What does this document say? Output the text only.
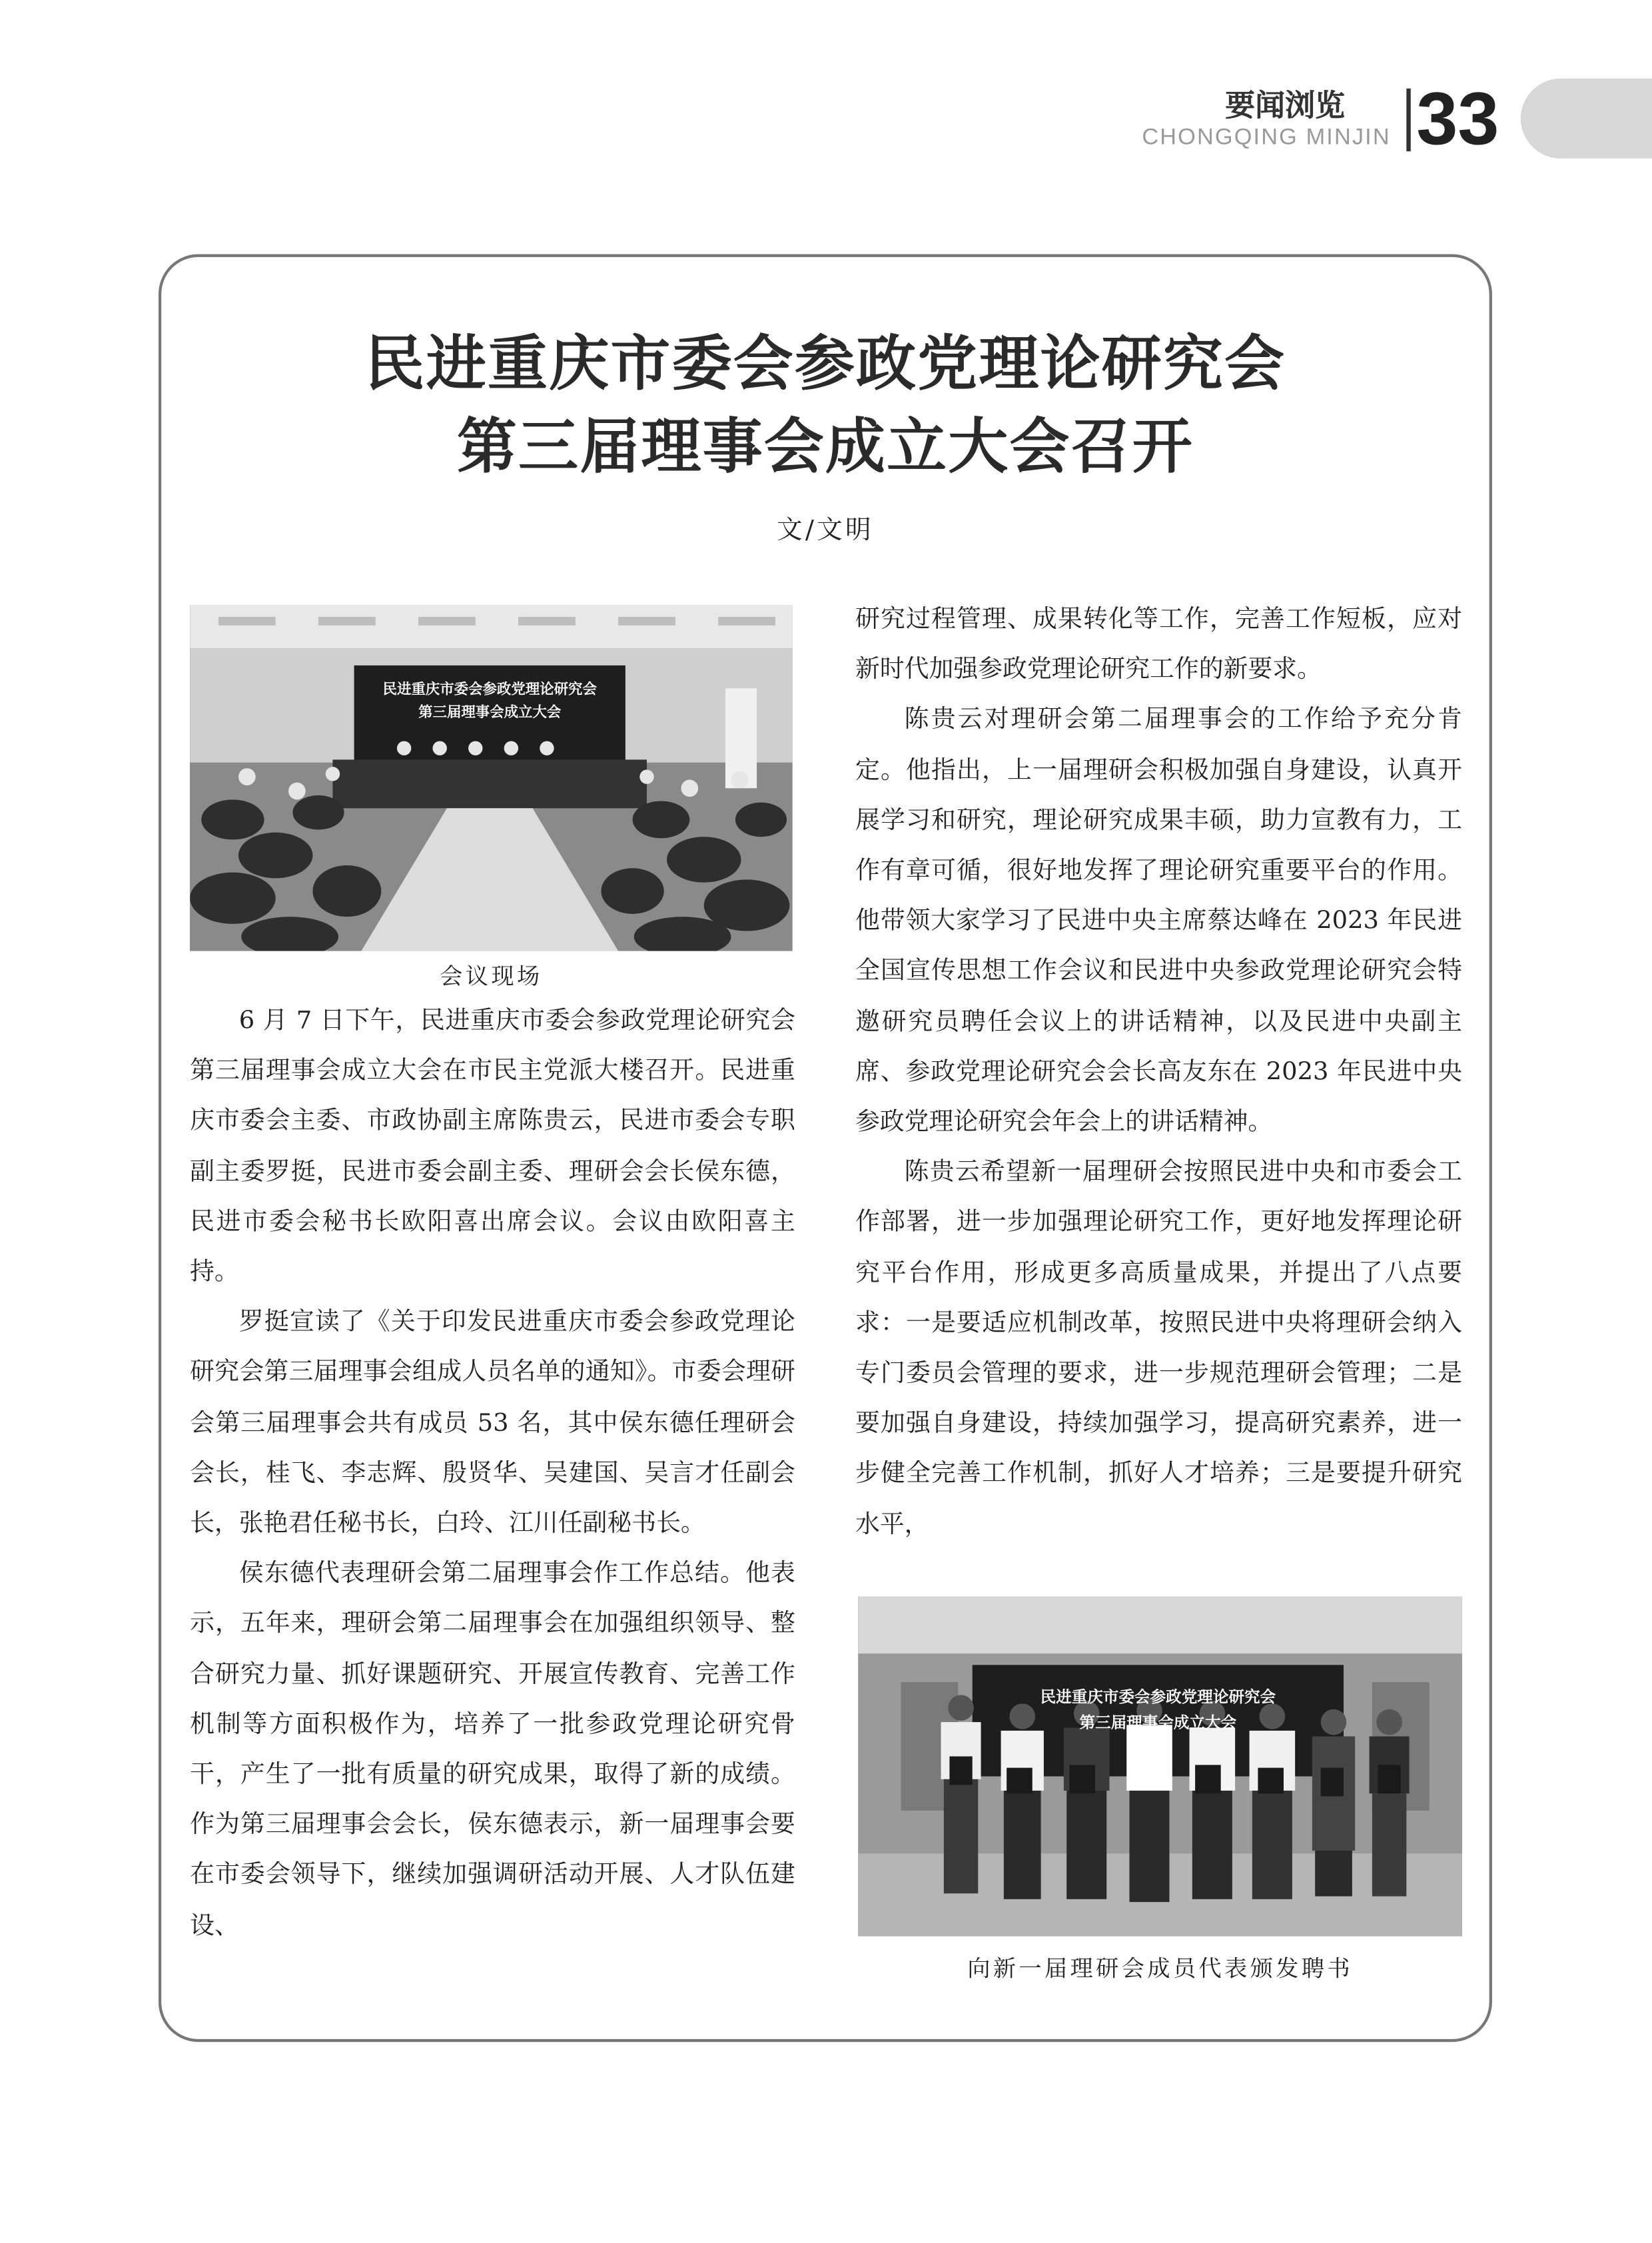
要闻浏览
CHONGQING MINJIN 33
民进重庆市委会参政党理论研究会
第三届理事会成立大会召开
文/文明
民进重庆市委会参政党理论研究会
第三届理事会成立大会
会议现场

6 月 7 日下午，民进重庆市委会参政党理论研究会第三届理事会成立大会在市民主党派大楼召开。民进重庆市委会主委、市政协副主席陈贵云，民进市委会专职副主委罗挺，民进市委会副主委、理研会会长侯东德，民进市委会秘书长欧阳喜出席会议。会议由欧阳喜主持。

罗挺宣读了《关于印发民进重庆市委会参政党理论研究会第三届理事会组成人员名单的通知》。市委会理研会第三届理事会共有成员 53 名，其中侯东德任理研会会长，桂飞、李志辉、殷贤华、吴建国、吴言才任副会长，张艳君任秘书长，白玲、江川任副秘书长。

侯东德代表理研会第二届理事会作工作总结。他表示，五年来，理研会第二届理事会在加强组织领导、整合研究力量、抓好课题研究、开展宣传教育、完善工作机制等方面积极作为，培养了一批参政党理论研究骨干，产生了一批有质量的研究成果，取得了新的成绩。作为第三届理事会会长，侯东德表示，新一届理事会要在市委会领导下，继续加强调研活动开展、人才队伍建设、

研究过程管理、成果转化等工作，完善工作短板，应对新时代加强参政党理论研究工作的新要求。

陈贵云对理研会第二届理事会的工作给予充分肯定。他指出，上一届理研会积极加强自身建设，认真开展学习和研究，理论研究成果丰硕，助力宣教有力，工作有章可循，很好地发挥了理论研究重要平台的作用。他带领大家学习了民进中央主席蔡达峰在 2023 年民进全国宣传思想工作会议和民进中央参政党理论研究会特邀研究员聘任会议上的讲话精神，以及民进中央副主席、参政党理论研究会会长高友东在 2023 年民进中央参政党理论研究会年会上的讲话精神。

陈贵云希望新一届理研会按照民进中央和市委会工作部署，进一步加强理论研究工作，更好地发挥理论研究平台作用，形成更多高质量成果，并提出了八点要求：一是要适应机制改革，按照民进中央将理研会纳入专门委员会管理的要求，进一步规范理研会管理；二是要加强自身建设，持续加强学习，提高研究素养，进一步健全完善工作机制，抓好人才培养；三是要提升研究水平，

民进重庆市委会参政党理论研究会
第三届理事会成立大会
向新一届理研会成员代表颁发聘书
